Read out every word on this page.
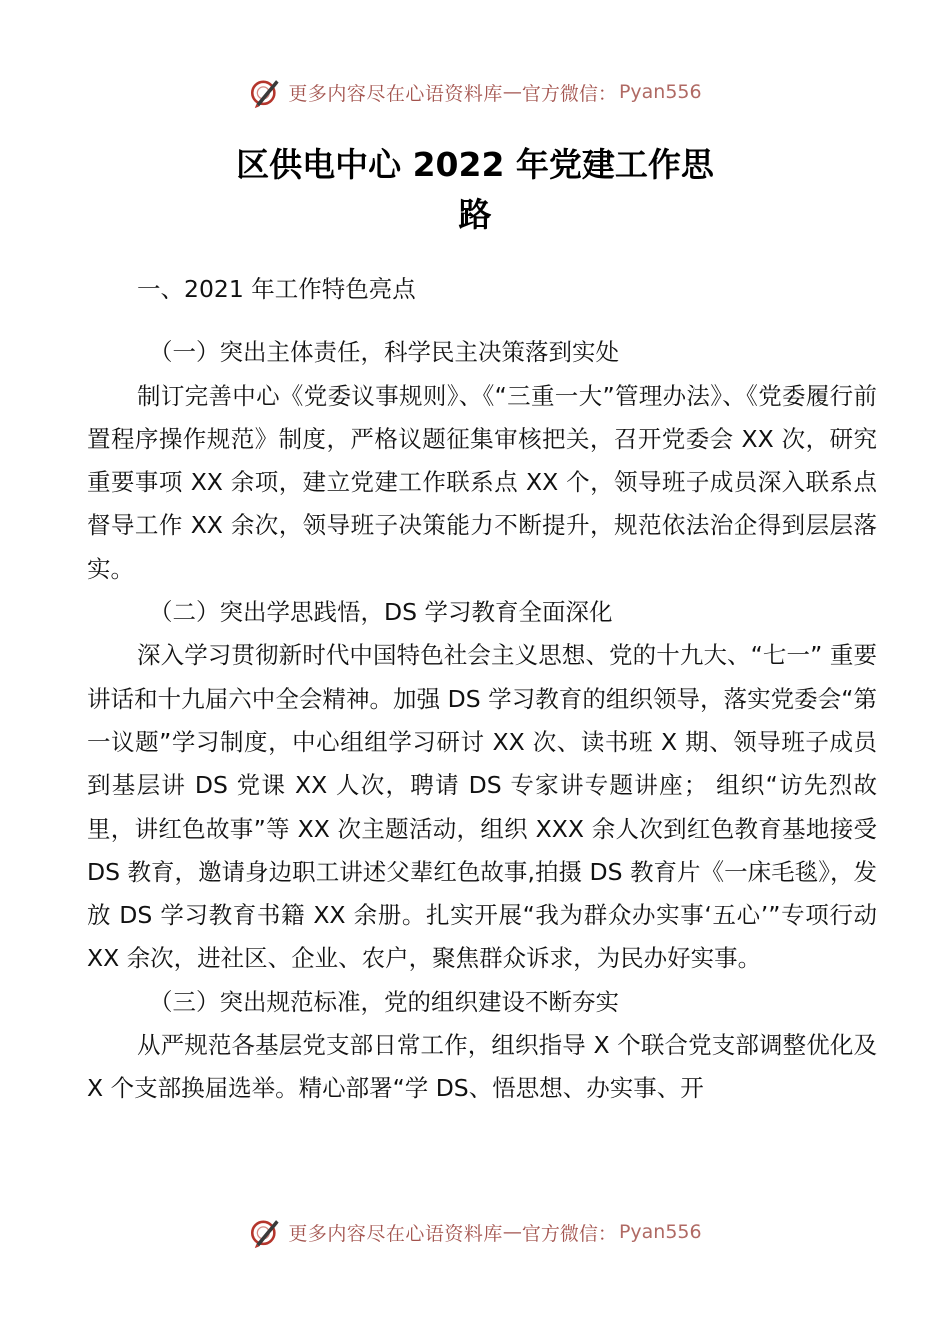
更多内容尽在心语资料库 — 官方微信： Pyan556
区供电中心 2022 年党建工作思
路

一、2021 年工作特色亮点

（一）突出主体责任，科学民主决策落到实处

制订完善中心《党委议事规则》、《“三重一大”管理办法》、《党委履行前置程序操作规范》制度，严格议题征集审核把关，召开党委会 XX 次，研究重要事项 XX 余项，建立党建工作联系点 XX 个，领导班子成员深入联系点督导工作 XX 余次，领导班子决策能力不断提升，规范依法治企得到层层落实。

（二）突出学思践悟，DS 学习教育全面深化

深入学习贯彻新时代中国特色社会主义思想、党的十九大、“七一” 重要讲话和十九届六中全会精神。加强 DS 学习教育的组织领导，落实党委会“第一议题”学习制度，中心组组学习研讨 XX 次、读书班 X 期、领导班子成员到基层讲 DS 党课 XX 人次，聘请 DS 专家讲专题讲座； 组织“访先烈故里，讲红色故事”等 XX 次主题活动，组织 XXX 余人次到红色教育基地接受 DS 教育，邀请身边职工讲述父辈红色故事,拍摄 DS 教育片《一床毛毯》，发放 DS 学习教育书籍 XX 余册。扎实开展“我为群众办实事‘五心’”专项行动 XX 余次，进社区、企业、农户，聚焦群众诉求，为民办好实事。

（三）突出规范标准，党的组织建设不断夯实

从严规范各基层党支部日常工作，组织指导 X 个联合党支部调整优化及 X 个支部换届选举。精心部署“学 DS、悟思想、办实事、开

更多内容尽在心语资料库 — 官方微信： Pyan556
